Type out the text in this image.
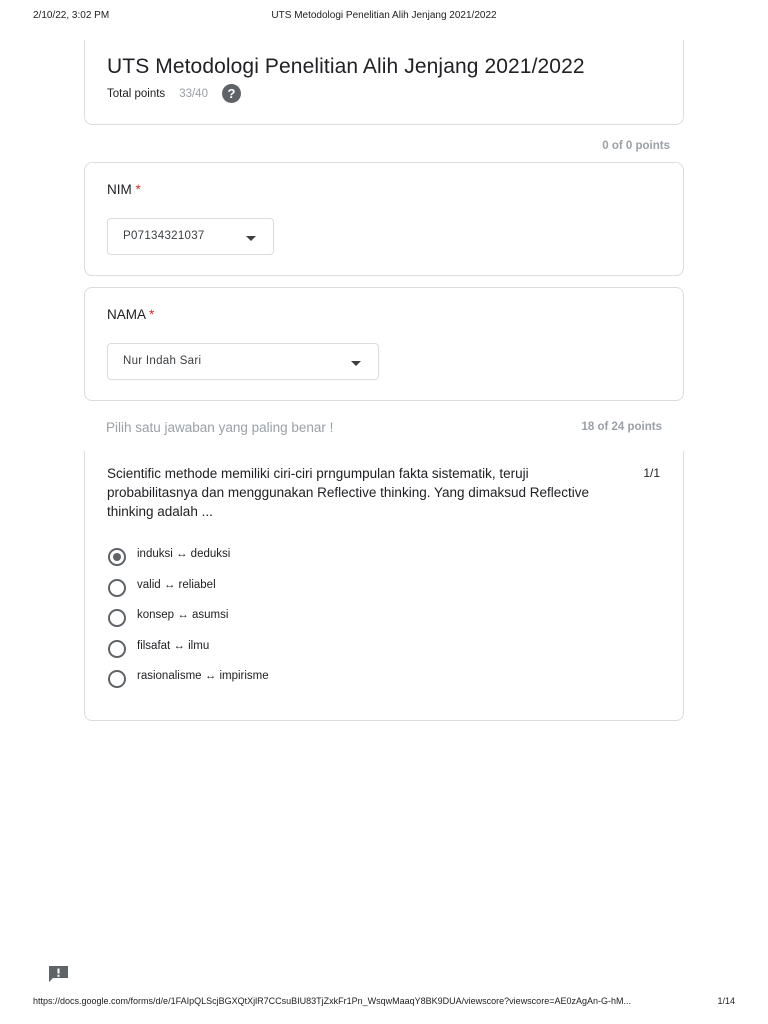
2/10/22, 3:02 PM	UTS Metodologi Penelitian Alih Jenjang 2021/2022
UTS Metodologi Penelitian Alih Jenjang 2021/2022
Total points 33/40	?
0 of 0 points
NIM *
P07134321037
NAMA *
Nur Indah Sari
Pilih satu jawaban yang paling benar !	18 of 24 points
Scientific methode memiliki ciri-ciri prngumpulan fakta sistematik, teruji probabilitasnya dan menggunakan Reflective thinking. Yang dimaksud Reflective thinking adalah ...
1/1
induksi ↔ deduksi
valid ↔ reliabel
konsep ↔ asumsi
filsafat ↔ ilmu
rasionalisme ↔ impirisme
https://docs.google.com/forms/d/e/1FAIpQLScjBGXQtXjlR7CCsuBIU83TjZxkFr1Pn_WsqwMaaqY8BK9DUA/viewscore?viewscore=AE0zAgAn-G-hM...	1/14
